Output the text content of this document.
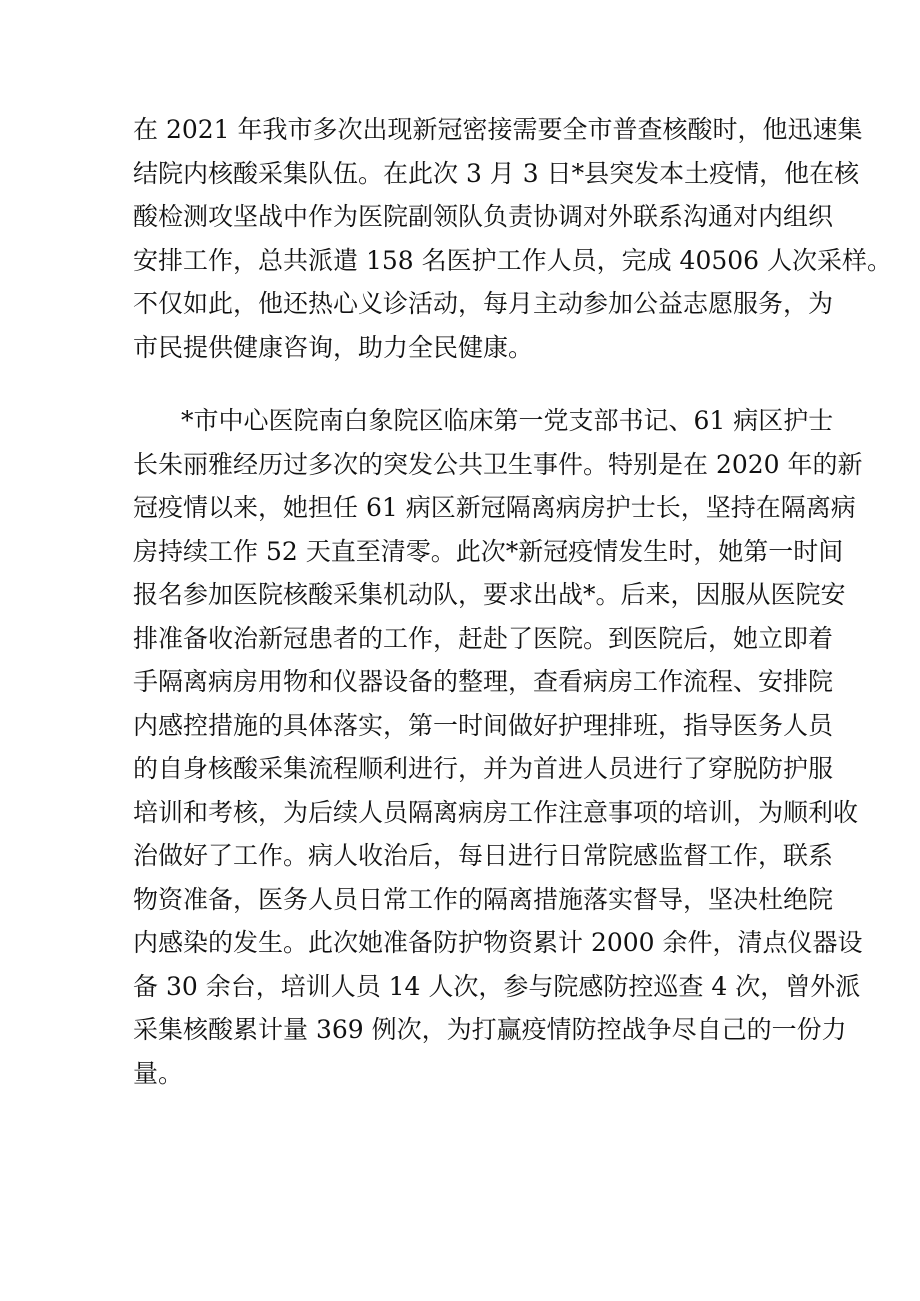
在 2021 年我市多次出现新冠密接需要全市普查核酸时，他迅速集
结院内核酸采集队伍。在此次 3 月 3 日*县突发本土疫情，他在核
酸检测攻坚战中作为医院副领队负责协调对外联系沟通对内组织
安排工作，总共派遣 158 名医护工作人员，完成 40506 人次采样。
不仅如此，他还热心义诊活动，每月主动参加公益志愿服务，为
市民提供健康咨询，助力全民健康。
*市中心医院南白象院区临床第一党支部书记、61 病区护士
长朱丽雅经历过多次的突发公共卫生事件。特别是在 2020 年的新
冠疫情以来，她担任 61 病区新冠隔离病房护士长，坚持在隔离病
房持续工作 52 天直至清零。此次*新冠疫情发生时，她第一时间
报名参加医院核酸采集机动队，要求出战*。后来，因服从医院安
排准备收治新冠患者的工作，赶赴了医院。到医院后，她立即着
手隔离病房用物和仪器设备的整理，查看病房工作流程、安排院
内感控措施的具体落实，第一时间做好护理排班，指导医务人员
的自身核酸采集流程顺利进行，并为首进人员进行了穿脱防护服
培训和考核，为后续人员隔离病房工作注意事项的培训，为顺利收
治做好了工作。病人收治后，每日进行日常院感监督工作，联系
物资准备，医务人员日常工作的隔离措施落实督导，坚决杜绝院
内感染的发生。此次她准备防护物资累计 2000 余件，清点仪器设
备 30 余台，培训人员 14 人次，参与院感防控巡查 4 次，曾外派
采集核酸累计量 369 例次，为打赢疫情防控战争尽自己的一份力
量。
